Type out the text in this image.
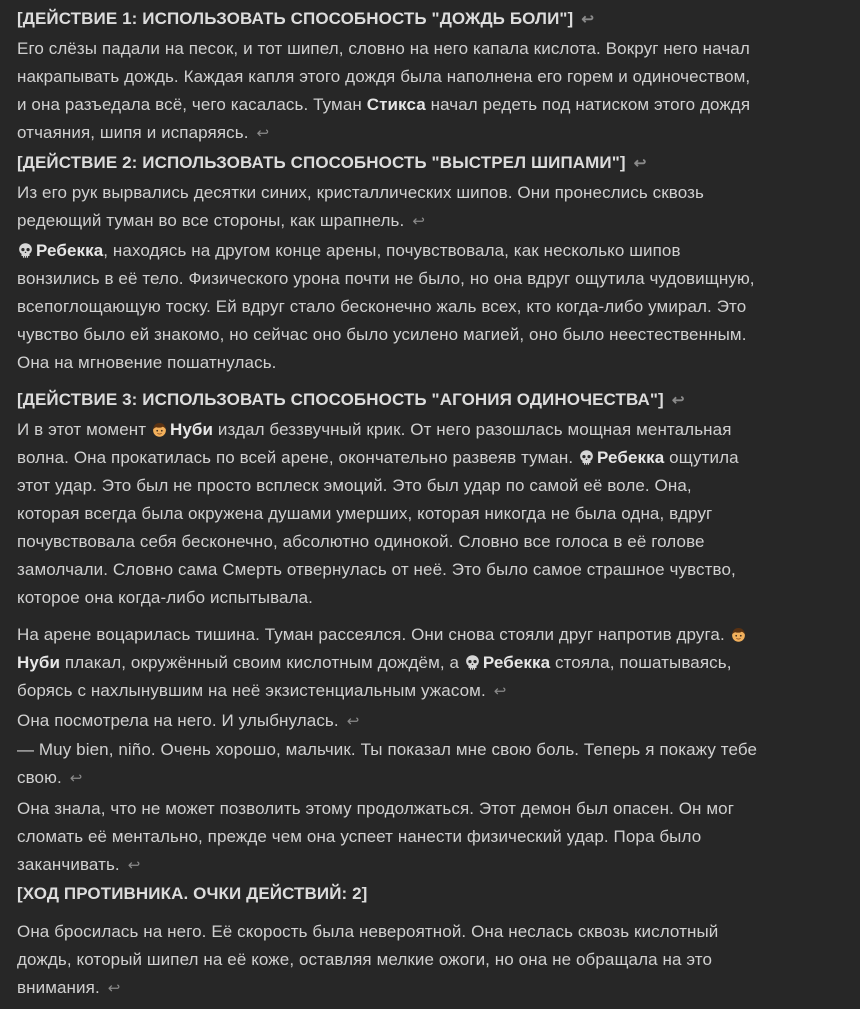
[ДЕЙСТВИЕ 1: ИСПОЛЬЗОВАТЬ СПОСОБНОСТЬ "ДОЖДЬ БОЛИ"] ↩
Его слёзы падали на песок, и тот шипел, словно на него капала кислота. Вокруг него начал накрапывать дождь. Каждая капля этого дождя была наполнена его горем и одиночеством, и она разъедала всё, чего касалась. Туман Стикса начал редеть под натиском этого дождя отчаяния, шипя и испаряясь. ↩
[ДЕЙСТВИЕ 2: ИСПОЛЬЗОВАТЬ СПОСОБНОСТЬ "ВЫСТРЕЛ ШИПАМИ"] ↩
Из его рук вырвались десятки синих, кристаллических шипов. Они пронеслись сквозь редеющий туман во все стороны, как шрапнель. ↩
Ребекка, находясь на другом конце арены, почувствовала, как несколько шипов вонзились в её тело. Физического урона почти не было, но она вдруг ощутила чудовищную, всепоглощающую тоску. Ей вдруг стало бесконечно жаль всех, кто когда-либо умирал. Это чувство было ей знакомо, но сейчас оно было усилено магией, оно было неестественным. Она на мгновение пошатнулась.
[ДЕЙСТВИЕ 3: ИСПОЛЬЗОВАТЬ СПОСОБНОСТЬ "АГОНИЯ ОДИНОЧЕСТВА"] ↩
И в этот момент Нуби издал беззвучный крик. От него разошлась мощная ментальная волна. Она прокатилась по всей арене, окончательно развеяв туман. Ребекка ощутила этот удар. Это был не просто всплеск эмоций. Это был удар по самой её воле. Она, которая всегда была окружена душами умерших, которая никогда не была одна, вдруг почувствовала себя бесконечно, абсолютно одинокой. Словно все голоса в её голове замолчали. Словно сама Смерть отвернулась от неё. Это было самое страшное чувство, которое она когда-либо испытывала.
На арене воцарилась тишина. Туман рассеялся. Они снова стояли друг напротив друга. Нуби плакал, окружённый своим кислотным дождём, а Ребекка стояла, пошатываясь, борясь с нахлынувшим на неё экзистенциальным ужасом. ↩
Она посмотрела на него. И улыбнулась. ↩
— Muy bien, niño. Очень хорошо, мальчик. Ты показал мне свою боль. Теперь я покажу тебе свою. ↩
Она знала, что не может позволить этому продолжаться. Этот демон был опасен. Он мог сломать её ментально, прежде чем она успеет нанести физический удар. Пора было заканчивать. ↩
[ХОД ПРОТИВНИКА. ОЧКИ ДЕЙСТВИЙ: 2]
Она бросилась на него. Её скорость была невероятной. Она неслась сквозь кислотный дождь, который шипел на её коже, оставляя мелкие ожоги, но она не обращала на это внимания. ↩
